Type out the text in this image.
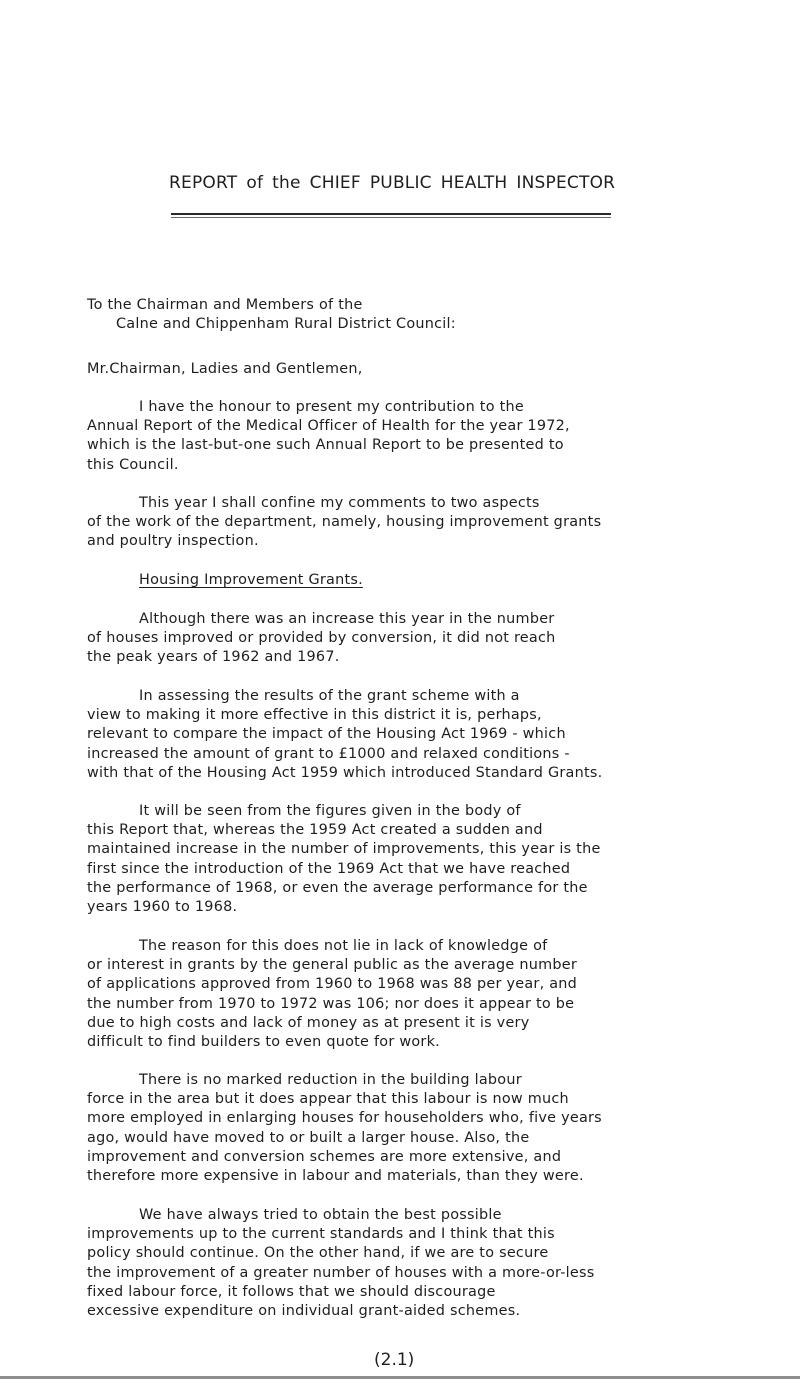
REPORT of the CHIEF PUBLIC HEALTH INSPECTOR
To the Chairman and Members of the
Calne and Chippenham Rural District Council:
Mr.Chairman, Ladies and Gentlemen,
I have the honour to present my contribution to the
Annual Report of the Medical Officer of Health for the year 1972,
which is the last-but-one such Annual Report to be presented to
this Council.
This year I shall confine my comments to two aspects
of the work of the department, namely, housing improvement grants
and poultry inspection.
Housing Improvement Grants.
Although there was an increase this year in the number
of houses improved or provided by conversion, it did not reach
the peak years of 1962 and 1967.
In assessing the results of the grant scheme with a
view to making it more effective in this district it is, perhaps,
relevant to compare the impact of the Housing Act 1969 - which
increased the amount of grant to £1000 and relaxed conditions -
with that of the Housing Act 1959 which introduced Standard Grants.
It will be seen from the figures given in the body of
this Report that, whereas the 1959 Act created a sudden and
maintained increase in the number of improvements, this year is the
first since the introduction of the 1969 Act that we have reached
the performance of 1968, or even the average performance for the
years 1960 to 1968.
The reason for this does not lie in lack of knowledge of
or interest in grants by the general public as the average number
of applications approved from 1960 to 1968 was 88 per year, and
the number from 1970 to 1972 was 106; nor does it appear to be
due to high costs and lack of money as at present it is very
difficult to find builders to even quote for work.
There is no marked reduction in the building labour
force in the area but it does appear that this labour is now much
more employed in enlarging houses for householders who, five years
ago, would have moved to or built a larger house. Also, the
improvement and conversion schemes are more extensive, and
therefore more expensive in labour and materials, than they were.
We have always tried to obtain the best possible
improvements up to the current standards and I think that this
policy should continue. On the other hand, if we are to secure
the improvement of a greater number of houses with a more-or-less
fixed labour force, it follows that we should discourage
excessive expenditure on individual grant-aided schemes.
(2.1)
